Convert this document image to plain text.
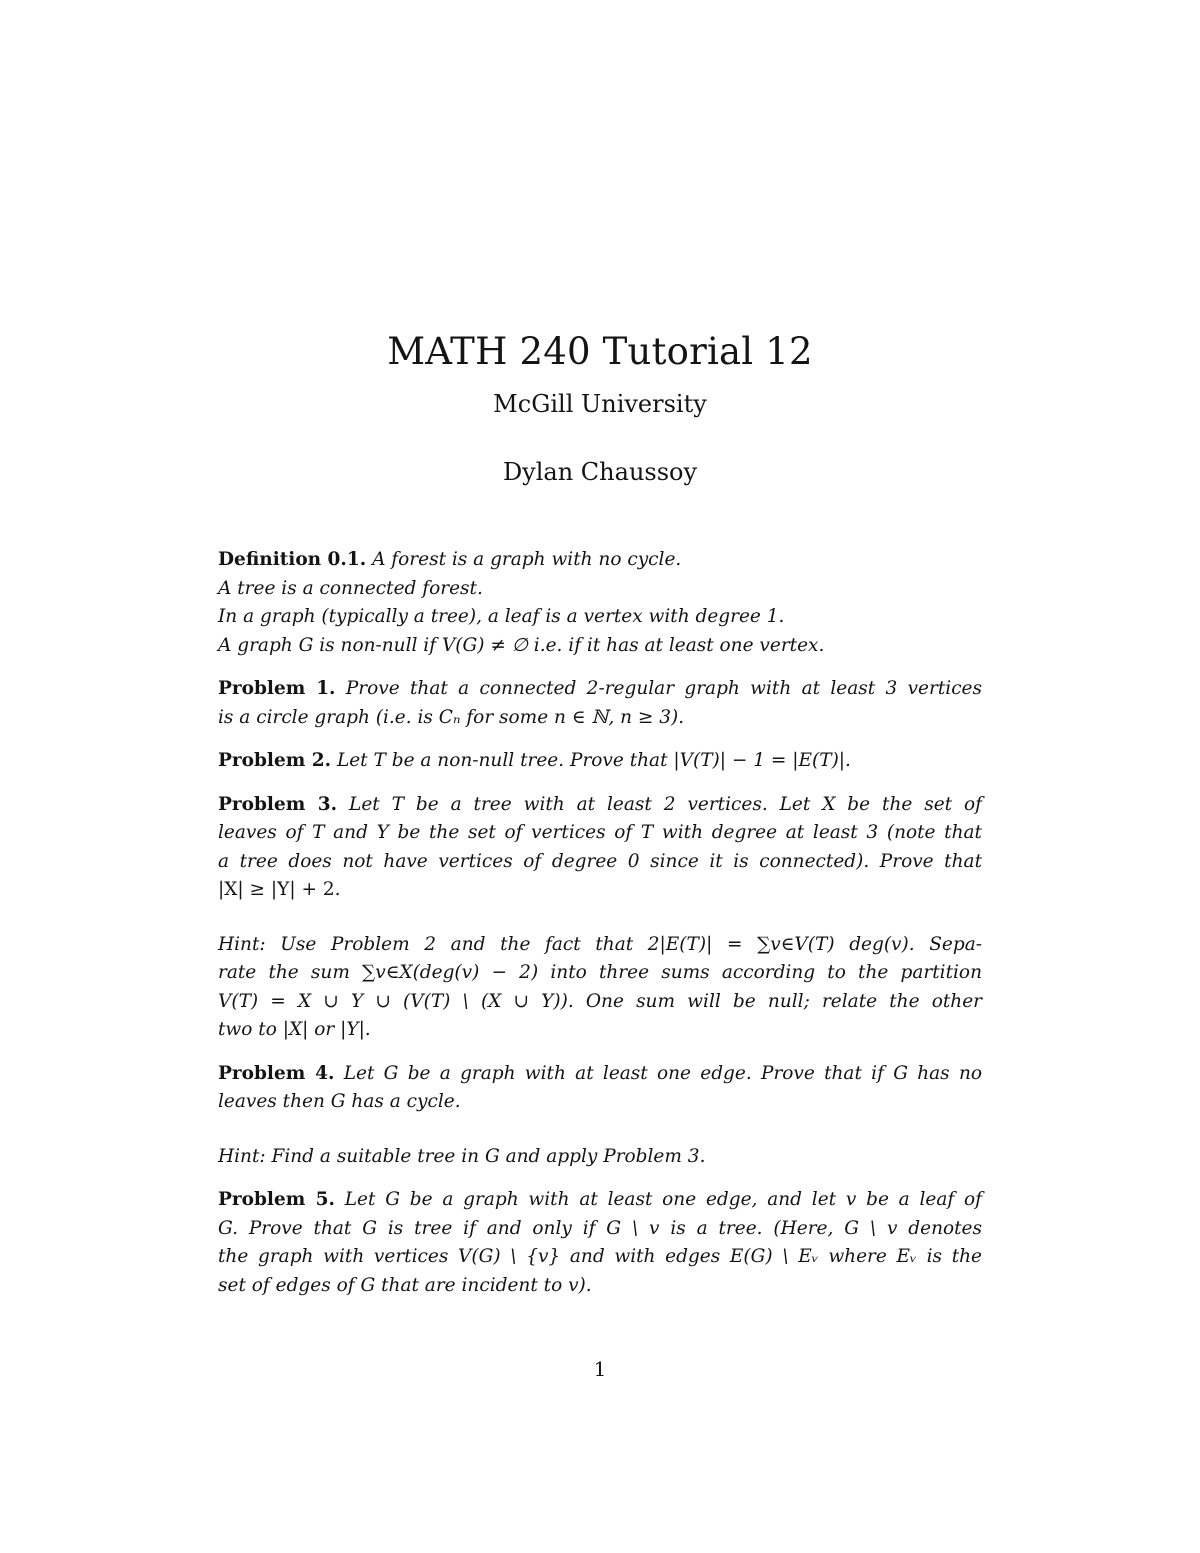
MATH 240 Tutorial 12
McGill University
Dylan Chaussoy
Definition 0.1. A forest is a graph with no cycle.
A tree is a connected forest.
In a graph (typically a tree), a leaf is a vertex with degree 1.
A graph G is non-null if V(G) ≠ ∅ i.e. if it has at least one vertex.
Problem 1. Prove that a connected 2-regular graph with at least 3 vertices
is a circle graph (i.e. is Cₙ for some n ∈ ℕ, n ≥ 3).
Problem 2. Let T be a non-null tree. Prove that |V(T)| − 1 = |E(T)|.
Problem 3. Let T be a tree with at least 2 vertices. Let X be the set of
leaves of T and Y be the set of vertices of T with degree at least 3 (note that
a tree does not have vertices of degree 0 since it is connected). Prove that
|X| ≥ |Y| + 2.
Hint: Use Problem 2 and the fact that 2|E(T)| = ∑v∈V(T) deg(v). Sepa-
rate the sum ∑v∈X(deg(v) − 2) into three sums according to the partition
V(T) = X ∪ Y ∪ (V(T) \ (X ∪ Y)). One sum will be null; relate the other
two to |X| or |Y|.
Problem 4. Let G be a graph with at least one edge. Prove that if G has no
leaves then G has a cycle.
Hint: Find a suitable tree in G and apply Problem 3.
Problem 5. Let G be a graph with at least one edge, and let v be a leaf of
G. Prove that G is tree if and only if G \ v is a tree. (Here, G \ v denotes
the graph with vertices V(G) \ {v} and with edges E(G) \ Eᵥ where Eᵥ is the
set of edges of G that are incident to v).
1
